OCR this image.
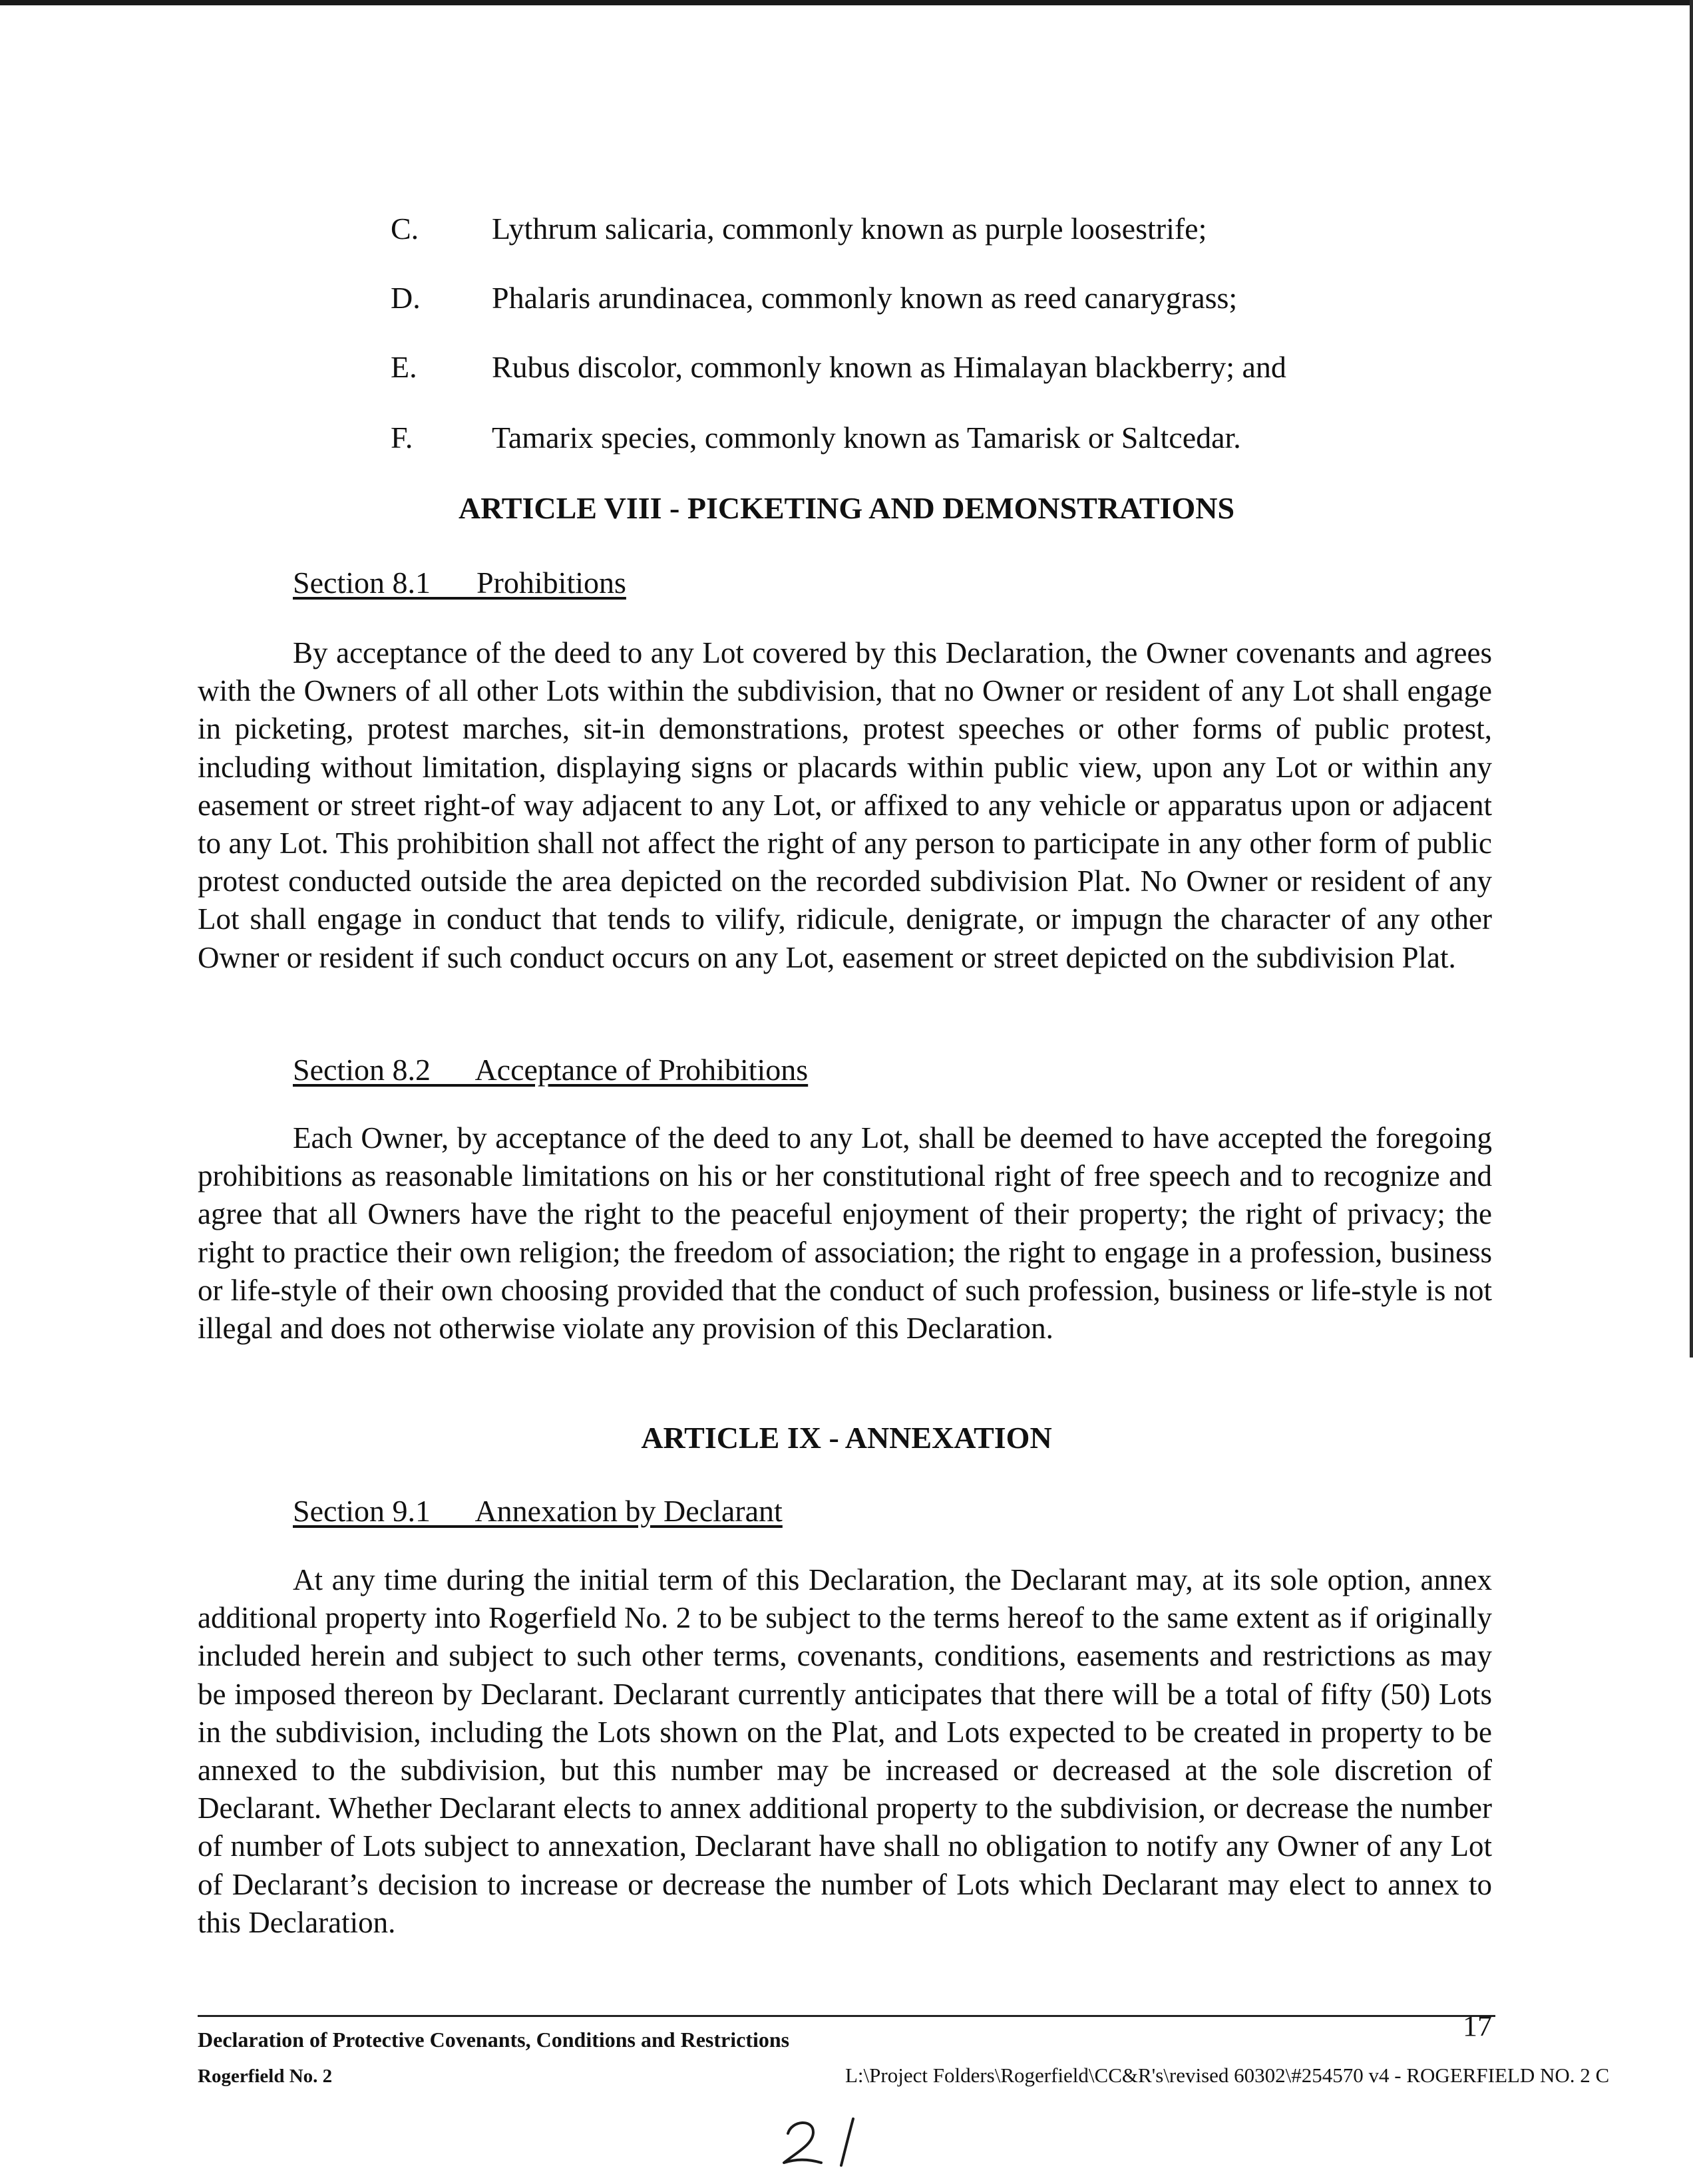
C. Lythrum salicaria, commonly known as purple loosestrife;
D. Phalaris arundinacea, commonly known as reed canarygrass;
E. Rubus discolor, commonly known as Himalayan blackberry; and
F.	Tamarix species, commonly known as Tamarisk or Saltcedar.
ARTICLE VIII - PICKETING AND DEMONSTRATIONS
Section 8.1      Prohibitions
By acceptance of the deed to any Lot covered by this Declaration, the Owner covenants and agrees with the Owners of all other Lots within the subdivision, that no Owner or resident of any Lot shall engage in picketing, protest marches, sit-in demonstrations, protest speeches or other forms of public protest, including without limitation, displaying signs or placards within public view, upon any Lot or within any easement or street right-of way adjacent to any Lot, or affixed to any vehicle or apparatus upon or adjacent to any Lot. This prohibition shall not affect the right of any person to participate in any other form of public protest conducted outside the area depicted on the recorded subdivision Plat. No Owner or resident of any Lot shall engage in conduct that tends to vilify, ridicule, denigrate, or impugn the character of any other Owner or resident if such conduct occurs on any Lot, easement or street depicted on the subdivision Plat.
Section 8.2      Acceptance of Prohibitions
Each Owner, by acceptance of the deed to any Lot, shall be deemed to have accepted the foregoing prohibitions as reasonable limitations on his or her constitutional right of free speech and to recognize and agree that all Owners have the right to the peaceful enjoyment of their property; the right of privacy; the right to practice their own religion; the freedom of association; the right to engage in a profession, business or life-style of their own choosing provided that the conduct of such profession, business or life-style is not illegal and does not otherwise violate any provision of this Declaration.
ARTICLE IX - ANNEXATION
Section 9.1      Annexation by Declarant
At any time during the initial term of this Declaration, the Declarant may, at its sole option, annex additional property into Rogerfield No. 2 to be subject to the terms hereof to the same extent as if originally included herein and subject to such other terms, covenants, conditions, easements and restrictions as may be imposed thereon by Declarant. Declarant currently anticipates that there will be a total of fifty (50) Lots in the subdivision, including the Lots shown on the Plat, and Lots expected to be created in property to be annexed to the subdivision, but this number may be increased or decreased at the sole discretion of Declarant. Whether Declarant elects to annex additional property to the subdivision, or decrease the number of number of Lots subject to annexation, Declarant have shall no obligation to notify any Owner of any Lot of Declarant’s decision to increase or decrease the number of Lots which Declarant may elect to annex to this Declaration.
Declaration of Protective Covenants, Conditions and Restrictions	17
Rogerfield No. 2	L:\Project Folders\Rogerfield\CC&R's\revised 60302\#254570 v4 - ROGERFIELD NO. 2 C
